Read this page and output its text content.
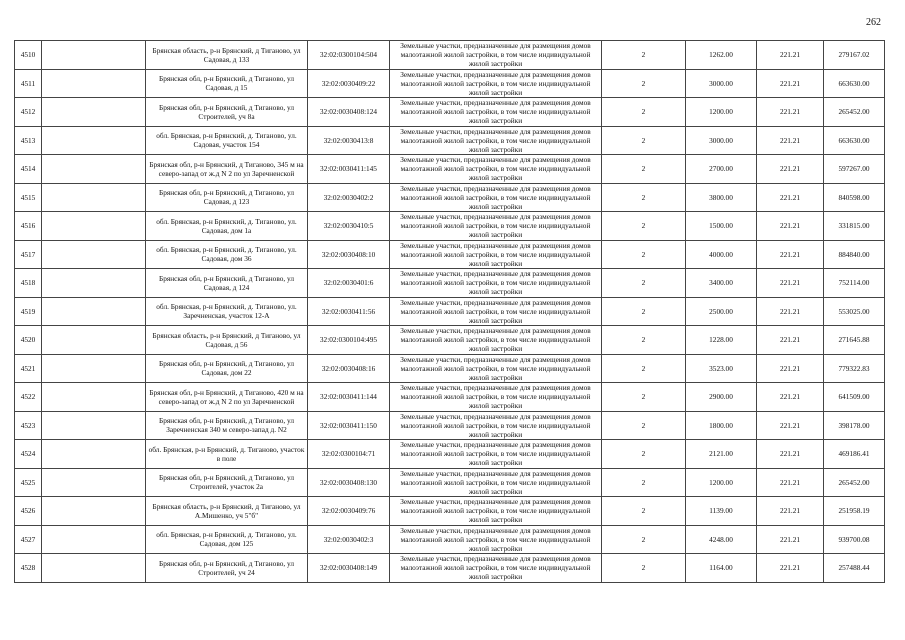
262
4510		Брянская область, р-н Брянский, д Тиганово, ул Садовая, д 133	32:02:0300104:504	Земельные участки, предназначенные для размещения домов малоэтажной жилой застройки, в том числе индивидуальной жилой застройки	2	1262.00	221.21	279167.02
4511		Брянская обл, р-н Брянский, д Тиганово, ул Садовая, д 15	32:02:0030409:22	Земельные участки, предназначенные для размещения домов малоэтажной жилой застройки, в том числе индивидуальной жилой застройки	2	3000.00	221.21	663630.00
4512		Брянская обл, р-н Брянский, д Тиганово, ул Строителей, уч 8а	32:02:0030408:124	Земельные участки, предназначенные для размещения домов малоэтажной жилой застройки, в том числе индивидуальной жилой застройки	2	1200.00	221.21	265452.00
4513		обл. Брянская, р-н Брянский, д. Тиганово, ул. Садовая, участок 154	32:02:0030413:8	Земельные участки, предназначенные для размещения домов малоэтажной жилой застройки, в том числе индивидуальной жилой застройки	2	3000.00	221.21	663630.00
4514		Брянская обл, р-н Брянский, д Тиганово, 345 м на северо-запад от ж.д N 2 по ул Заречненской	32:02:0030411:145	Земельные участки, предназначенные для размещения домов малоэтажной жилой застройки, в том числе индивидуальной жилой застройки	2	2700.00	221.21	597267.00
4515		Брянская обл, р-н Брянский, д Тиганово, ул Садовая, д 123	32:02:0030402:2	Земельные участки, предназначенные для размещения домов малоэтажной жилой застройки, в том числе индивидуальной жилой застройки	2	3800.00	221.21	840598.00
4516		обл. Брянская, р-н Брянский, д. Тиганово, ул. Садовая, дом 1а	32:02:0030410:5	Земельные участки, предназначенные для размещения домов малоэтажной жилой застройки, в том числе индивидуальной жилой застройки	2	1500.00	221.21	331815.00
4517		обл. Брянская, р-н Брянский, д. Тиганово, ул. Садовая, дом 36	32:02:0030408:10	Земельные участки, предназначенные для размещения домов малоэтажной жилой застройки, в том числе индивидуальной жилой застройки	2	4000.00	221.21	884840.00
4518		Брянская обл, р-н Брянский, д Тиганово, ул Садовая, д 124	32:02:0030401:6	Земельные участки, предназначенные для размещения домов малоэтажной жилой застройки, в том числе индивидуальной жилой застройки	2	3400.00	221.21	752114.00
4519		обл. Брянская, р-н Брянский, д. Тиганово, ул. Заречненская, участок 12-А	32:02:0030411:56	Земельные участки, предназначенные для размещения домов малоэтажной жилой застройки, в том числе индивидуальной жилой застройки	2	2500.00	221.21	553025.00
4520		Брянская область, р-н Брянский, д Тиганово, ул Садовая, д 56	32:02:0300104:495	Земельные участки, предназначенные для размещения домов малоэтажной жилой застройки, в том числе индивидуальной жилой застройки	2	1228.00	221.21	271645.88
4521		Брянская обл, р-н Брянский, д Тиганово, ул Садовая, дом 22	32:02:0030408:16	Земельные участки, предназначенные для размещения домов малоэтажной жилой застройки, в том числе индивидуальной жилой застройки	2	3523.00	221.21	779322.83
4522		Брянская обл, р-н Брянский, д Тиганово, 420 м на северо-запад от ж.д N 2 по ул Заречненской	32:02:0030411:144	Земельные участки, предназначенные для размещения домов малоэтажной жилой застройки, в том числе индивидуальной жилой застройки	2	2900.00	221.21	641509.00
4523		Брянская обл, р-н Брянский, д Тиганово, ул Заречненская 340 м северо-запад д. N2	32:02:0030411:150	Земельные участки, предназначенные для размещения домов малоэтажной жилой застройки, в том числе индивидуальной жилой застройки	2	1800.00	221.21	398178.00
4524		обл. Брянская, р-н Брянский, д. Тиганово, участок в поле	32:02:0300104:71	Земельные участки, предназначенные для размещения домов малоэтажной жилой застройки, в том числе индивидуальной жилой застройки	2	2121.00	221.21	469186.41
4525		Брянская обл, р-н Брянский, д Тиганово, ул Строителей, участок 2а	32:02:0030408:130	Земельные участки, предназначенные для размещения домов малоэтажной жилой застройки, в том числе индивидуальной жилой застройки	2	1200.00	221.21	265452.00
4526		Брянская область, р-н Брянский, д Тиганово, ул А.Мишенко, уч 5"б"	32:02:0030409:76	Земельные участки, предназначенные для размещения домов малоэтажной жилой застройки, в том числе индивидуальной жилой застройки	2	1139.00	221.21	251958.19
4527		обл. Брянская, р-н Брянский, д. Тиганово, ул. Садовая, дом 125	32:02:0030402:3	Земельные участки, предназначенные для размещения домов малоэтажной жилой застройки, в том числе индивидуальной жилой застройки	2	4248.00	221.21	939700.08
4528		Брянская обл, р-н Брянский, д Тиганово, ул Строителей, уч 24	32:02:0030408:149	Земельные участки, предназначенные для размещения домов малоэтажной жилой застройки, в том числе индивидуальной жилой застройки	2	1164.00	221.21	257488.44
